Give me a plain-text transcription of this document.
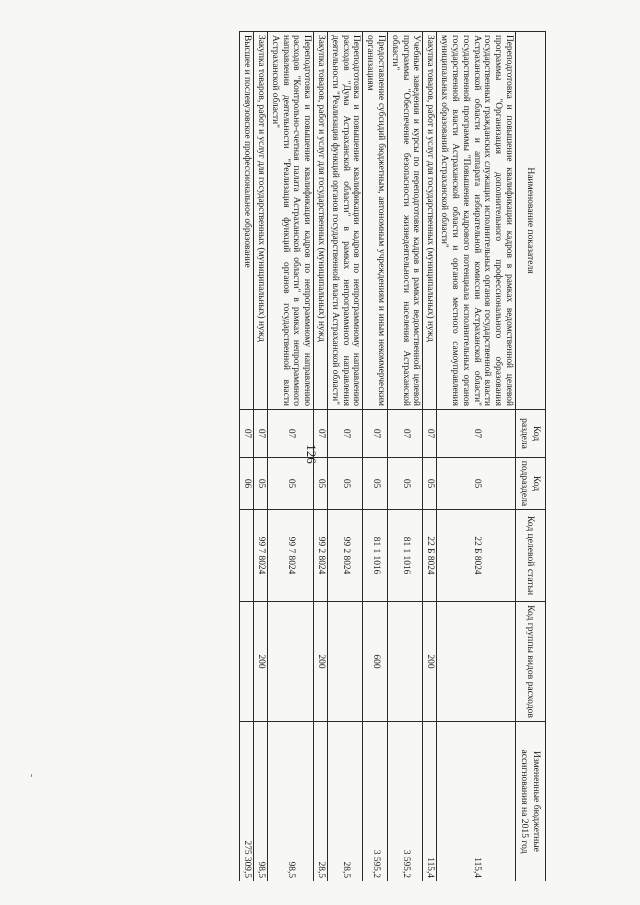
126
-
Наименование показателя	Код раздела	Код подраздела	Код целевой статьи	Код группы видов расходов	Измененные бюджетные ассигнования на 2015 год
Переподготовка и повышение квалификации кадров в рамках ведомственной целевой программы "Организация дополнительного профессионального образования государственных гражданских служащих исполнительных органов государственной власти Астраханской области и аппарата избирательной комиссии Астраханской области" государственной программы "Повышение кадрового потенциала исполнительных органов государственной власти Астраханской области и органов местного самоуправления муниципальных образований Астраханской области"	07	05	22 Б 8024		115,4
Закупка товаров, работ и услуг для государственных (муниципальных) нужд	07	05	22 Б 8024	200	115,4
Учебные заведения и курсы по переподготовке кадров в рамках ведомственной целевой программы "Обеспечение безопасности жизнедеятельности населения Астраханской области"	07	05	81 1 1016		3 595,2
Предоставление субсидий бюджетным, автономным учреждениям и иным некоммерческим организациям	07	05	81 1 1016	600	3 595,2
Переподготовка и повышение квалификации кадров по непрограммному направлению расходов "Дума Астраханской области" в рамках непрограммного направления деятельности "Реализация функций органов государственной власти Астраханской области"	07	05	99 2 8024		28,5
Закупка товаров, работ и услуг для государственных (муниципальных) нужд	07	05	99 2 8024	200	28,5
Переподготовка и повышение квалификации кадров по непрограммному направлению расходов "Контрольно-счетная палата Астраханской области" в рамках непрограммного направления деятельности "Реализация функций органов государственной власти Астраханской области"	07	05	99 7 8024		98,5
Закупка товаров, работ и услуг для государственных (муниципальных) нужд	07	05	99 7 8024	200	98,5
Высшее и послевузовское профессиональное образование	07	06			275 309,5
